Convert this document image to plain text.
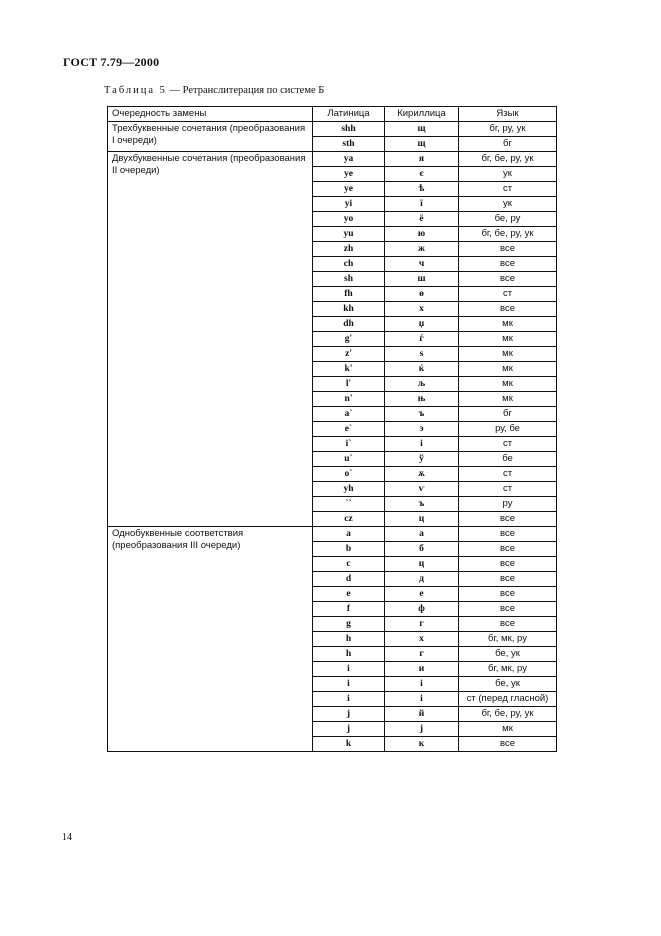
ГОСТ 7.79—2000
Таблица 5 — Ретранслитерация по системе Б
Очередность замены	Латиница	Кириллица	Язык
Трехбуквенные сочетания (преобразования I очереди)	shh	щ	бг, ру, ук
	sth	щ	бг
Двухбуквенные сочетания (преобразования II очереди)	ya	я	бг, бе, ру, ук
	ye	є	ук
	ye	ѣ	ст
	yi	ї	ук
	yo	ё	бе, ру
	yu	ю	бг, бе, ру, ук
	zh	ж	все
	ch	ч	все
	sh	ш	все
	fh	ѳ	ст
	kh	х	все
	dh	џ	мк
	g'	ѓ	мк
	z'	ѕ	мк
	k'	ќ	мк
	l'	љ	мк
	n'	њ	мк
	a`	ъ	бг
	e`	э	ру, бе
	i`	і	ст
	u`	ў	бе
	o`	ѫ	ст
	yh	ѵ	ст
	``	ъ	ру
	cz	ц	все
Однобуквенные соответствия (преобразования III очереди)	a	а	все
	b	б	все
	c	ц	все
	d	д	все
	e	е	все
	f	ф	все
	g	г	все
	h	х	бг, мк, ру
	h	г	бе, ук
	i	и	бг, мк, ру
	i	і	бе, ук
	i	і	ст (перед гласной)
	j	й	бг, бе, ру, ук
	j	ј	мк
	k	к	все
14
